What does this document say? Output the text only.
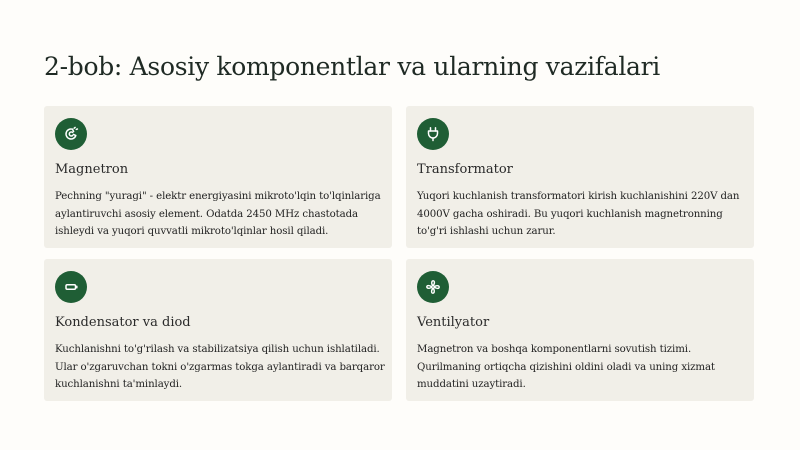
2-bob: Asosiy komponentlar va ularning vazifalari
Magnetron

Pechning "yuragi" - elektr energiyasini mikroto'lqin to'lqinlariga aylantiruvchi asosiy element. Odatda 2450 MHz chastotada ishleydi va yuqori quvvatli mikroto'lqinlar hosil qiladi.

Transformator

Yuqori kuchlanish transformatori kirish kuchlanishini 220V dan 4000V gacha oshiradi. Bu yuqori kuchlanish magnetronning to'g'ri ishlashi uchun zarur.

Kondensator va diod

Kuchlanishni to'g'rilash va stabilizatsiya qilish uchun ishlatiladi. Ular o'zgaruvchan tokni o'zgarmas tokga aylantiradi va barqaror kuchlanishni ta'minlaydi.

Ventilyator

Magnetron va boshqa komponentlarni sovutish tizimi. Qurilmaning ortiqcha qizishini oldini oladi va uning xizmat muddatini uzaytiradi.
